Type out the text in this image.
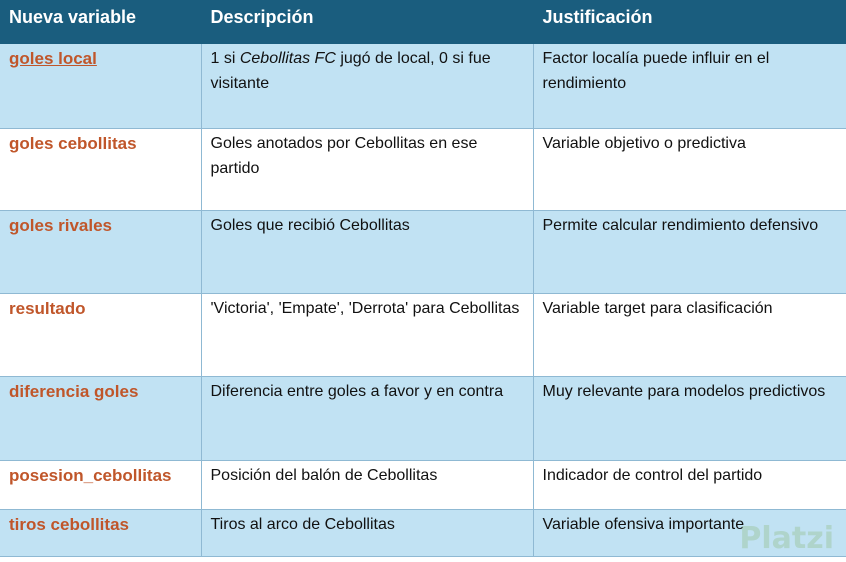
Nueva variable	Descripción	Justificación
goles local	1 si Cebollitas FC jugó de local, 0 si fue visitante	Factor localía puede influir en el rendimiento
goles cebollitas	Goles anotados por Cebollitas en ese partido	Variable objetivo o predictiva
goles rivales	Goles que recibió Cebollitas	Permite calcular rendimiento defensivo
resultado	'Victoria', 'Empate', 'Derrota' para Cebollitas	Variable target para clasificación
diferencia goles	Diferencia entre goles a favor y en contra	Muy relevante para modelos predictivos
posesion_cebollitas	Posición del balón de Cebollitas	Indicador de control del partido
tiros cebollitas	Tiros al arco de Cebollitas	Variable ofensiva importante
Platzi
